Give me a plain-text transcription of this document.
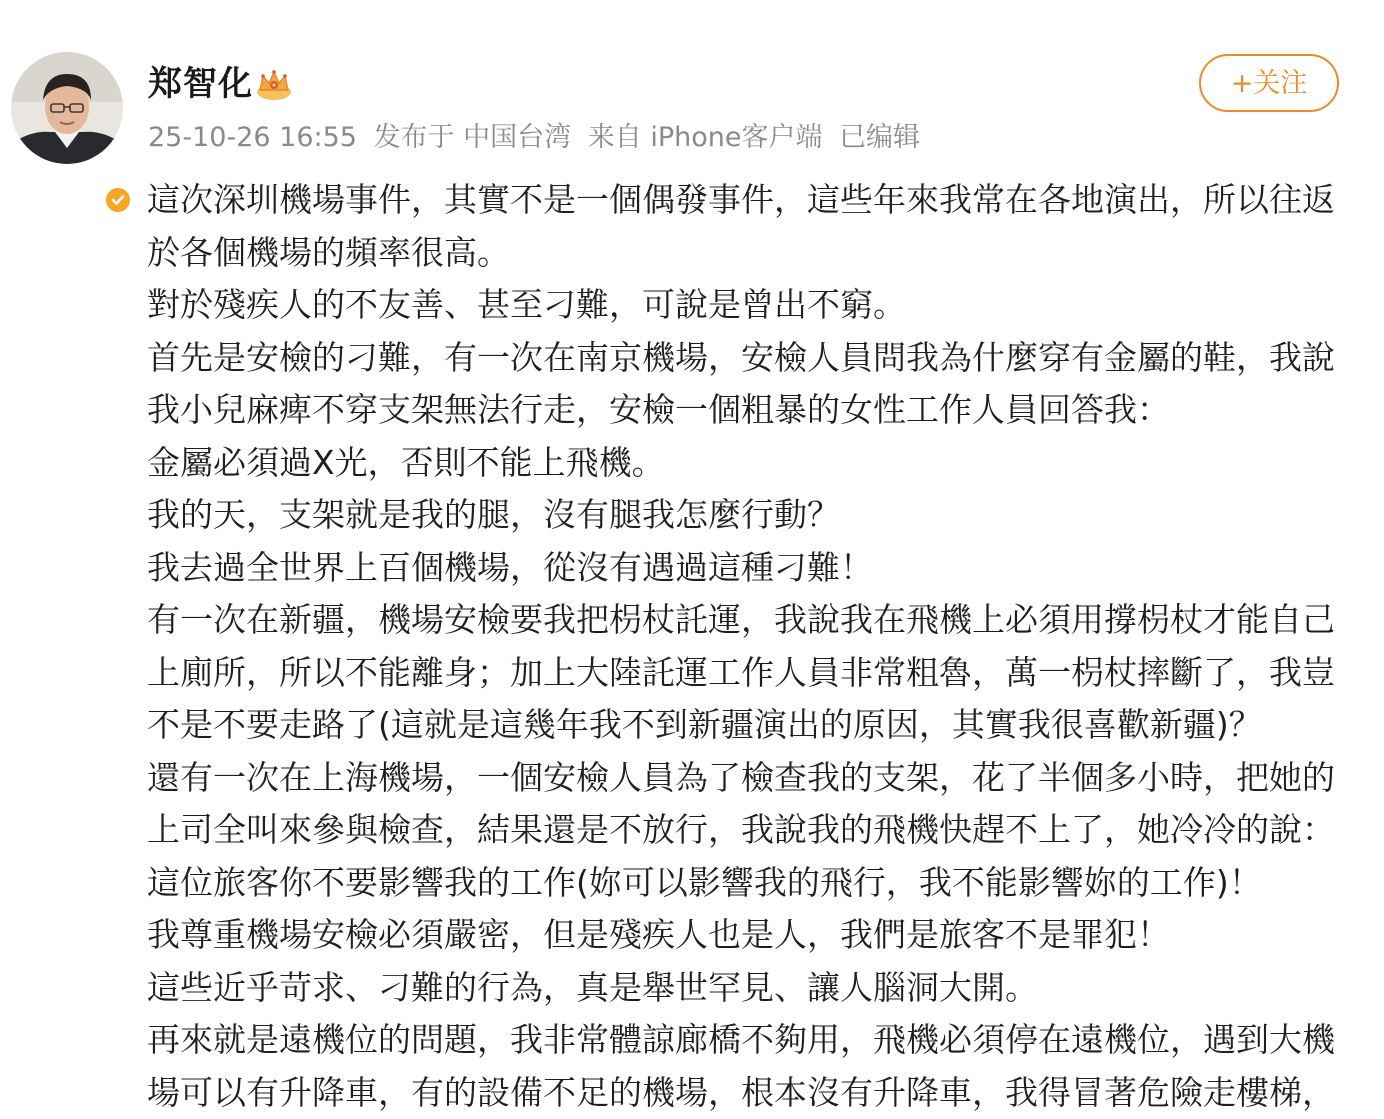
郑智化
25-10-26 16:55 发布于 中国台湾 来自 iPhone客户端 已编辑
+关注

這次深圳機場事件，其實不是一個偶發事件，這些年來我常在各地演出，所以往返於各個機場的頻率很高。

對於殘疾人的不友善、甚至刁難，可說是曾出不窮。

首先是安檢的刁難，有一次在南京機場，安檢人員問我為什麼穿有金屬的鞋，我說我小兒麻痺不穿支架無法行走，安檢一個粗暴的女性工作人員回答我：

金屬必須過X光，否則不能上飛機。

我的天，支架就是我的腿，沒有腿我怎麼行動？

我去過全世界上百個機場，從沒有遇過這種刁難！

有一次在新疆，機場安檢要我把枴杖託運，我說我在飛機上必須用撐枴杖才能自己上廁所，所以不能離身；加上大陸託運工作人員非常粗魯，萬一枴杖摔斷了，我豈不是不要走路了(這就是這幾年我不到新疆演出的原因，其實我很喜歡新疆)？

還有一次在上海機場，一個安檢人員為了檢查我的支架，花了半個多小時，把她的上司全叫來參與檢查，結果還是不放行，我說我的飛機快趕不上了，她冷冷的說：這位旅客你不要影響我的工作(妳可以影響我的飛行，我不能影響妳的工作)！

我尊重機場安檢必須嚴密，但是殘疾人也是人，我們是旅客不是罪犯！

這些近乎苛求、刁難的行為，真是舉世罕見、讓人腦洞大開。

再來就是遠機位的問題，我非常體諒廊橋不夠用，飛機必須停在遠機位，遇到大機場可以有升降車，有的設備不足的機場，根本沒有升降車，我得冒著危險走樓梯，
